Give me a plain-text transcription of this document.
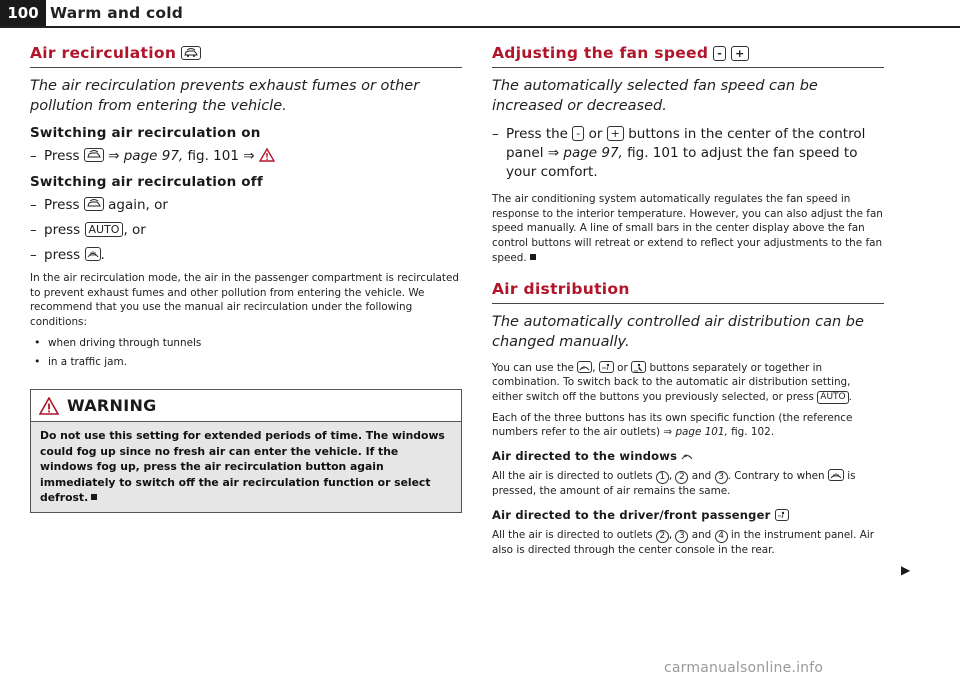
100 Warm and cold
Air recirculation

The air recirculation prevents exhaust fumes or other pollution from entering the vehicle.

Switching air recirculation on
– Press ⇒ page 97, fig. 101 ⇒
Switching air recirculation off
– Press again, or
– press AUTO , or
– press .

In the air recirculation mode, the air in the passenger compartment is recirculated to prevent exhaust fumes and other pollution from entering the vehicle. We recommend that you use the manual air recirculation under the following conditions:

• when driving through tunnels
• in a traffic jam.
WARNING
Do not use this setting for extended periods of time. The windows could fog up since no fresh air can enter the vehicle. If the windows fog up, press the air recirculation button again immediately to switch off the air recirculation function or select defrost.
Adjusting the fan speed -	+

The automatically selected fan speed can be increased or decreased.

– Press the - or + buttons in the center of the control panel ⇒ page 97, fig. 101 to adjust the fan speed to your comfort.

The air conditioning system automatically regulates the fan speed in response to the interior temperature. However, you can also adjust the fan speed manually. A line of small bars in the center display above the fan control buttons will retreat or extend to reflect your adjustments to the fan speed.

Air distribution

The automatically controlled air distribution can be changed manually.

You can use the ,
or buttons separately or together in combination. To switch back to the automatic air distribution setting, either switch off the buttons you previously selected, or press AUTO .

Each of the three buttons has its own specific function (the reference numbers refer to the air outlets) ⇒ page 101, fig. 102.

Air directed to the windows

All the air is directed to outlets 1 , 2 and 3 . Contrary to when is pressed, the amount of air remains the same.

Air directed to the driver/front passenger

All the air is directed to outlets 2 , 3 and 4 in the instrument panel. Air also is directed through the center console in the rear.

▶
carmanualsonline.info
